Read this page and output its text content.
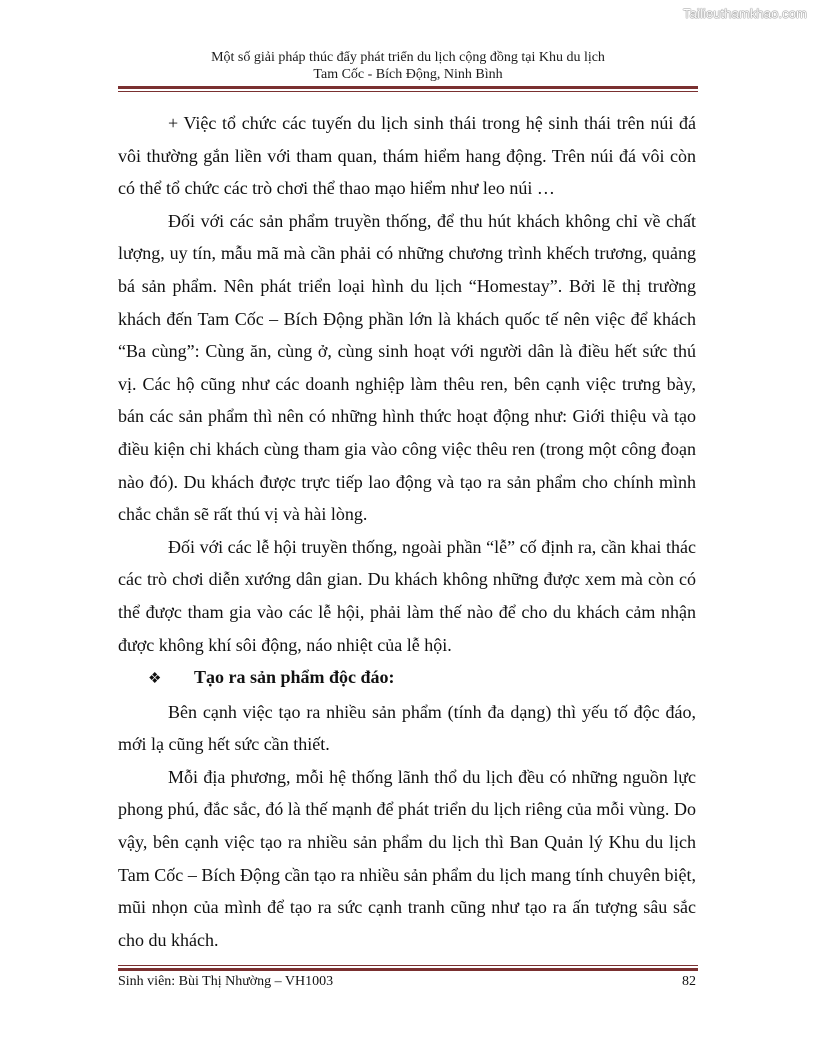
Tailieuthamkhao.com
Một số giải pháp thúc đẩy phát triển du lịch cộng đồng tại Khu du lịch
Tam Cốc - Bích Động, Ninh Bình

+ Việc tổ chức các tuyến du lịch sinh thái trong hệ sinh thái trên núi đá vôi thường gắn liền với tham quan, thám hiểm hang động. Trên núi đá vôi còn có thể tổ chức các trò chơi thể thao mạo hiểm như leo núi …

Đối với các sản phẩm truyền thống, để thu hút khách không chỉ về chất lượng, uy tín, mẫu mã mà cần phải có những chương trình khếch trương, quảng bá sản phẩm. Nên phát triển loại hình du lịch “Homestay”. Bởi lẽ thị trường khách đến Tam Cốc – Bích Động phần lớn là khách quốc tế nên việc để khách “Ba cùng”: Cùng ăn, cùng ở, cùng sinh hoạt với người dân là điều hết sức thú vị. Các hộ cũng như các doanh nghiệp làm thêu ren, bên cạnh việc trưng bày, bán các sản phẩm thì nên có những hình thức hoạt động như: Giới thiệu và tạo điều kiện chi khách cùng tham gia vào công việc thêu ren (trong một công đoạn nào đó). Du khách được trực tiếp lao động và tạo ra sản phẩm cho chính mình chắc chắn sẽ rất thú vị và hài lòng.

Đối với các lễ hội truyền thống, ngoài phần “lễ” cố định ra, cần khai thác các trò chơi diễn xướng dân gian. Du khách không những được xem mà còn có thể được tham gia vào các lễ hội, phải làm thế nào để cho du khách cảm nhận được không khí sôi động, náo nhiệt của lễ hội.

❖ Tạo ra sản phẩm độc đáo:

Bên cạnh việc tạo ra nhiều sản phẩm (tính đa dạng) thì yếu tố độc đáo, mới lạ cũng hết sức cần thiết.

Mỗi địa phương, mỗi hệ thống lãnh thổ du lịch đều có những nguồn lực phong phú, đắc sắc, đó là thế mạnh để phát triển du lịch riêng của mỗi vùng. Do vậy, bên cạnh việc tạo ra nhiều sản phẩm du lịch thì Ban Quản lý Khu du lịch Tam Cốc – Bích Động cần tạo ra nhiều sản phẩm du lịch mang tính chuyên biệt, mũi nhọn của mình để tạo ra sức cạnh tranh cũng như tạo ra ấn tượng sâu sắc cho du khách.

Sinh viên: Bùi Thị Nhường – VH1003	82
